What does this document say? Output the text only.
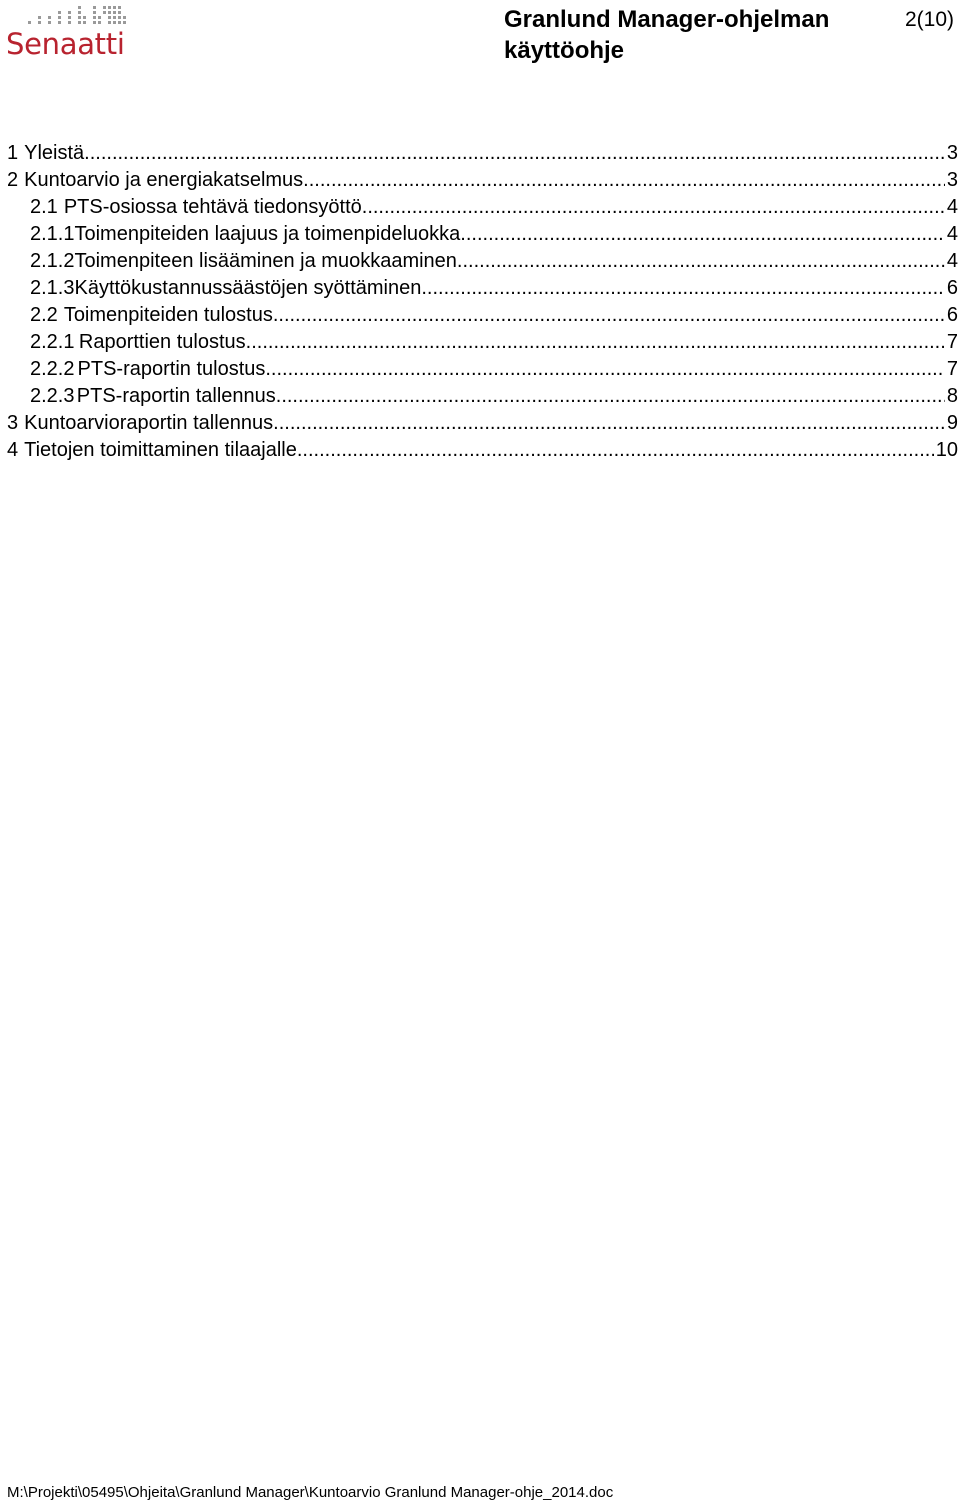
Senaatti
Granlund Manager-ohjelman käyttöohje
2(10)
1 Yleistä .....	3
2 Kuntoarvio ja energiakatselmus .....	3
2.1 PTS-osiossa tehtävä tiedonsyöttö .....	4
2.1.1 Toimenpiteiden laajuus ja toimenpideluokka .....	4
2.1.2 Toimenpiteen lisääminen ja muokkaaminen .....	4
2.1.3 Käyttökustannussäästöjen syöttäminen .....	6
2.2 Toimenpiteiden tulostus .....	6
2.2.1 Raporttien tulostus .....	7
2.2.2 PTS-raportin tulostus .....	7
2.2.3 PTS-raportin tallennus .....	8
3 Kuntoarvioraportin tallennus .....	9
4 Tietojen toimittaminen tilaajalle .....	10
M:\Projekti\05495\Ohjeita\Granlund Manager\Kuntoarvio Granlund Manager-ohje_2014.doc
